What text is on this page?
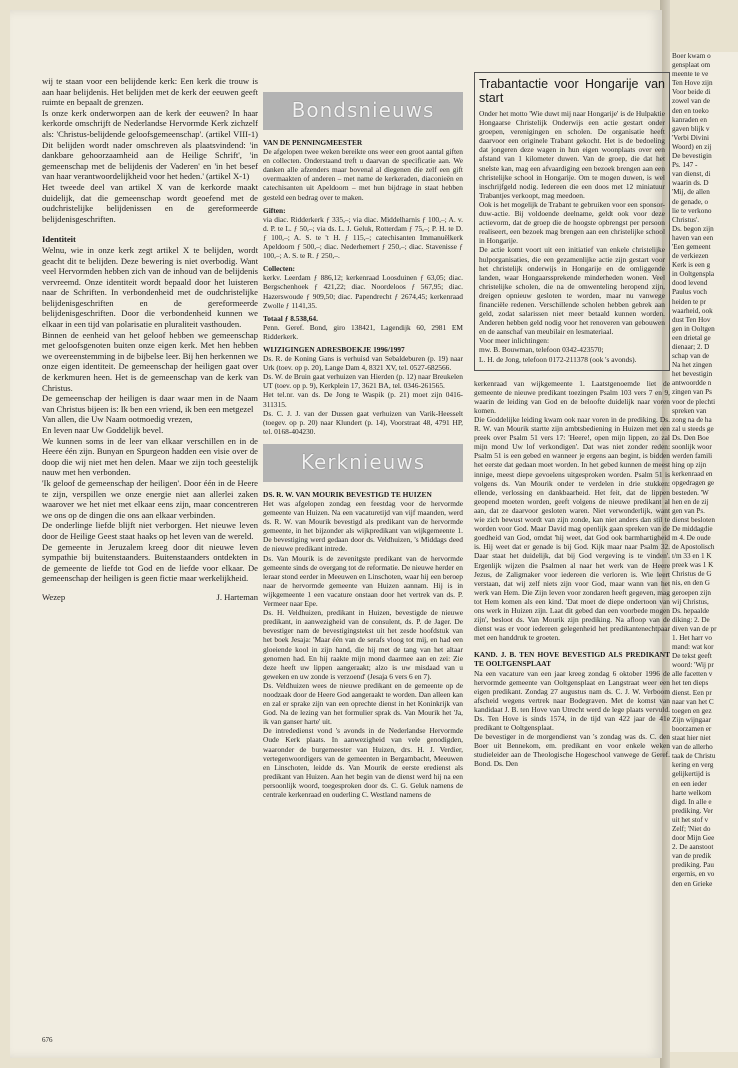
wij te staan voor een belijdende kerk: Een kerk die trouw is aan haar belijdenis. Het belijden met de kerk der eeuwen geeft ruimte en bepaalt de grenzen.

Is onze kerk onderworpen aan de kerk der eeuwen? In haar kerkorde omschrijft de Nederlandse Hervormde Kerk zichzelf als: 'Christus-belijdende geloofsgemeenschap'. (artikel VIII-1) Dit belijden wordt nader omschreven als plaatsvindend: 'in dankbare gehoorzaamheid aan de Heilige Schrift', 'in gemeenschap met de belijdenis der Vaderen' en 'in het besef van haar verantwoordelijkheid voor het heden.' (artikel X-1)

Het tweede deel van artikel X van de kerkorde maakt duidelijk, dat die gemeenschap wordt geoefend met de oudchristelijke belijdenissen en de gereformeerde belijdenisgeschriften.

Identiteit

Welnu, wie in onze kerk zegt artikel X te belijden, wordt geacht dit te belijden. Deze bewering is niet overbodig. Want veel Hervormden hebben zich van de inhoud van de belijdenis vervreemd. Onze identiteit wordt bepaald door het luisteren naar de Schriften. In verbondenheid met de oudchristelijke belijdenisgeschriften en de gereformeerde belijdenisgeschriften. Door die verbondenheid kunnen we elkaar in een tijd van polarisatie en pluraliteit vasthouden.

Binnen de eenheid van het geloof hebben we gemeenschap met geloofsgenoten buiten onze eigen kerk. Met hen hebben we overeenstemming in de bijbelse leer. Bij hen herkennen we onze eigen identiteit. De gemeenschap der heiligen gaat over de kerkmuren heen. Het is de gemeenschap van de kerk van Christus.

De gemeenschap der heiligen is daar waar men in de Naam van Christus bijeen is: Ik ben een vriend, ik ben een metgezel

Van allen, die Uw Naam ootmoedig vrezen,

En leven naar Uw Goddelijk bevel.

We kunnen soms in de leer van elkaar verschillen en in de Heere één zijn. Bunyan en Spurgeon hadden een visie over de doop die wij niet met hen delen. Maar we zijn toch geestelijk nauw met hen verbonden.

'Ik geloof de gemeenschap der heiligen'. Door één in de Heere te zijn, verspillen we onze energie niet aan allerlei zaken waarover we het niet met elkaar eens zijn, maar concentreren we ons op de dingen die ons aan elkaar verbinden.

De onderlinge liefde blijft niet verborgen. Het nieuwe leven door de Heilige Geest staat haaks op het leven van de wereld.

De gemeente in Jeruzalem kreeg door dit nieuwe leven sympathie bij buitenstaanders. Buitenstaanders ontdekten in de gemeente de liefde tot God en de liefde voor elkaar. De gemeenschap der heiligen is geen fictie maar werkelijkheid.

Wezep	J. Harteman
Bondsnieuws

VAN DE PENNINGMEESTER

De afgelopen twee weken bereikte ons weer een groot aantal giften en collecten. Onderstaand treft u daarvan de specificatie aan. We danken alle afzenders maar bovenal al diegenen die zelf een gift overmaakten of anderen – met name de kerkeraden, diaconieën en catechisanten uit Apeldoorn – met hun bijdrage in staat hebben gesteld een bedrag over te maken.

Giften:

via diac. Ridderkerk ƒ 335,–; via diac. Middelharnis ƒ 100,–; A. v. d. P. te L. ƒ 50,–; via ds. L. J. Geluk, Rotterdam ƒ 75,–; P. H. te D. ƒ 100,–; A. S. te 't H. ƒ 115,–; catechisanten Immanuëlkerk Apeldoorn ƒ 500,–; diac. Nederhemert ƒ 250,–; diac. Stavenisse ƒ 100,–; A. S. te R. ƒ 250,–.

Collecten:

kerkv. Leerdam ƒ 886,12; kerkenraad Loosduinen ƒ 63,05; diac. Bergschenhoek ƒ 421,22; diac. Noordeloos ƒ 567,95; diac. Hazerswoude ƒ 909,50; diac. Papendrecht ƒ 2674,45; kerkenraad Zwolle ƒ 1141,35.

Totaal ƒ 8.538,64.

Penn. Geref. Bond, giro 138421, Lagendijk 60, 2981 EM Ridderkerk.

WIJZIGINGEN ADRESBOEKJE 1996/1997

Ds. R. de Koning Gans is verhuisd van Sebaldeburen (p. 19) naar Urk (toev. op p. 20), Lange Dam 4, 8321 XV, tel. 0527-682566.

Ds. W. de Bruin gaat verhuizen van Hierden (p. 12) naar Breukelen UT (toev. op p. 9), Kerkplein 17, 3621 BA, tel. 0346-261565.

Het tel.nr. van ds. De Jong te Waspik (p. 21) moet zijn 0416-311315.

Ds. C. J. J. van der Dussen gaat verhuizen van Varik-Heesselt (toegev. op p. 20) naar Klundert (p. 14), Voorstraat 48, 4791 HP, tel. 0168-404230.

Kerknieuws

DS. R. W. VAN MOURIK BEVESTIGD TE HUIZEN

Het was afgelopen zondag een feestdag voor de hervormde gemeente van Huizen. Na een vacaturetijd van vijf maanden, werd ds. R. W. van Mourik bevestigd als predikant van de hervormde gemeente, in het bijzonder als wijkpredikant van wijkgemeente 1. De bevestiging werd gedaan door ds. Veldhuizen, 's Middags deed de nieuwe predikant intrede.

Ds. Van Mourik is de zevenitgste predikant van de hervormde gemeente sinds de overgang tot de reformatie. De nieuwe herder en leraar stond eerder in Meeuwen en Linschoten, waar hij een beroep naar de hervormde gemeente van Huizen aannam. Hij is in wijkgemeente 1 een vacature onstaan door het vertrek van ds. P. Vermeer naar Epe.

Ds. H. Veldhuizen, predikant in Huizen, bevestigde de nieuwe predikant, in aanwezigheid van de consulent, ds. P. de Jager. De bevestiger nam de bevestigingstekst uit het zesde hoofdstuk van het boek Jesaja: 'Maar één van de serafs vloog tot mij, en had een gloeiende kool in zijn hand, die hij met de tang van het altaar genomen had. En hij raakte mijn mond daarmee aan en zei: Zie deze heeft uw lippen aangeraakt; alzo is uw misdaad van u geweken en uw zonde is verzoend' (Jesaja 6 vers 6 en 7).

Ds. Veldhuizen wees de nieuwe predikant en de gemeente op de noodzaak door de Heere God aangeraakt te worden. Dan alleen kan en zal er sprake zijn van een oprechte dienst in het Koninkrijk van God. Na de lezing van het formulier sprak ds. Van Mourik het 'Ja, ik van ganser harte' uit.

De intrededienst vond 's avonds in de Nederlandse Hervormde Oude Kerk plaats. In aanwezigheid van vele genodigden, waaronder de burgemeester van Huizen, drs. H. J. Verdier, vertegenwoordigers van de gemeenten in Bergambacht, Meeuwen en Linschoten, leidde ds. Van Mourik de eerste eredienst als predikant van Huizen. Aan het begin van de dienst werd hij na een persoonlijk woord, toegesproken door ds. C. G. Geluk namens de centrale kerkenraad en ouderling C. Westland namens de

Trabantactie voor Hongarije van start

Onder het motto 'Wie duwt mij naar Hongarije' is de Hulpaktie Hongaarse Christelijk Onderwijs een actie gestart onder groepen, verenigingen en scholen. De organisatie heeft daarvoor een originele Trabant gekocht. Het is de bedoeling dat jongeren deze wagen in hun eigen woonplaats over een afstand van 1 kilometer duwen. Van de groep, die dat het snelste kan, mag een afvaardiging een bezoek brengen aan een christelijke school in Hongarije. Om te mogen duwen, is wel inschrijfgeld nodig. Iedereen die een doos met 12 miniatuur Trabantjes verkoopt, mag meedoen.

Ook is het mogelijk de Trabant te gebruiken voor een sponsor-duw-actie. Bij voldoende deelname, geldt ook voor deze actievorm, dat de groep die de hoogste opbrengst per persoon realiseert, een bezoek mag brengen aan een christelijke school in Hongarije.

De actie komt voort uit een initiatief van enkele christelijke hulporganisaties, die een gezamenlijke actie zijn gestart voor het christelijk onderwijs in Hongarije en de omliggende landen, waar Hongaarssprekende minderheden wonen. Veel christelijke scholen, die na de omwenteling heropend zijn, dreigen opnieuw gesloten te worden, maar nu vanwege financiële redenen. Verschillende scholen hebben gebrek aan geld, zodat salarissen niet meer betaald kunnen worden. Anderen hebben geld nodig voor het renoveren van gebouwen en de aanschaf van meubilair en lesmateriaal.

Voor meer inlichtingen:

mw. B. Bouwman, telefoon 0342-423570;

L. H. de Jong, telefoon 0172-211378 (ook 's avonds).

kerkenraad van wijkgemeente 1. Laatstgenoemde liet de gemeente de nieuwe predikant toezingen Psalm 103 vers 7 en 9, waarin de leiding van God en de beloofte duidelijk naar voren komen.

Die Goddelijke leiding kwam ook naar voren in de prediking. Ds. R. W. van Mourik startte zijn ambtsbediening in Huizen met een preek over Psalm 51 vers 17: 'Heere!, open mijn lippen, zo zal mijn mond Uw lof verkondigen'. Dat was niet zonder reden: Psalm 51 is een gebed en wanneer je ergens aan begint, is bidden het eerste dat gedaan moet worden. In het gebed kunnen de meest innige, meest diepe gevoelens uitgesproken worden. Psalm 51 is volgens ds. Van Mourik onder te verdelen in drie stukken: ellende, verlossing en dankbaarheid. Het feit, dat de lippen geopend moeten worden, geeft volgens de nieuwe predikant al aan, dat ze daarvoor gesloten waren. Niet verwonderlijk, want wie zich bewust wordt van zijn zonde, kan niet anders dan stil te worden voor God. Maar David mag openlijk gaan spreken van de goedheid van God, omdat 'hij weet, dat God ook barmhartigheid is. Hij weet dat er genade is bij God. Kijk maar naar Psalm 32. Daar staat het duidelijk, dat bij God vergeving is te vinden'. Ergenlijk wijzen die Psalmen al naar het werk van de Heere Jezus, de Zaligmaker voor iedereen die verloren is. Wie leert verstaan, dat wij zelf niets zijn voor God, maar wann van het werk van Hem. Die Zijn leven voor zondaren heeft gegeven, mag tot Hem komen als een kind. 'Dat moet de diepe ondertoon van ons werk in Huizen zijn. Laat dit gebed dan een voorbede mogen zijn', besloot ds. Van Mourik zijn prediking. Na afloop van de dienst was er voor iedereen gelegenheid het predikantenechtpaar met een handdruk te groeten.

KAND. J. B. TEN HOVE BEVESTIGD ALS PREDIKANT TE OOLTGENSPLAAT

Na een vacature van een jaar kreeg zondag 6 oktober 1996 de hervormde gemeente van Ooltgensplaat en Langstraat weer een eigen predikant. Zondag 27 augustus nam ds. C. J. W. Verboom afscheid wegens vertrek naar Bodegraven. Met de komst van kandidaat J. B. ten Hove van Utrecht werd de lege plaats vervuld. Ds. Ten Hove is sinds 1574, in de tijd van 422 jaar de 41e predikant te Ooltgensplaat.

De bevestiger in de morgendienst van 's zondag was ds. C. den Boer uit Bennekom, em. predikant en voor enkele weken studieleider aan de Theologische Hogeschool vanwege de Geref. Bond. Ds. Den

676
Boer kwam o
gensplaat om
meente te ve
Ten Hove zijn
Voor beide di
zowel van de
den en toeko
kanraden en
gaven blijk v
'Verbi Divini
Woord) en zij
De bevestigin
Ps. 147 -
van dienst, di
waarin ds. D
'Mij, de allen
de genade, o
lie te verkono
Christus'.
Ds. begon zijn
haven van een
'Een gemeent
de verkiezen
Kerk is een g
in Ooltgenspla
dood levend
Paulus voch
heiden te pr
waarheid, ook
dust Ten Hov
gen in Ooltgen
een drietal ge
dienaar; 2. D
schap van de
Na het zingen
het bevestigin
antwoordde n
zingen van Ps
voor de plechti
spreken van
zong na de ha
zal u steeds ge
Ds. Den Boe
soonlijk woor
werden famili
hing op zijn
kerkenraad en
opgedragen ge
besteden. 'W
hen en de zij
gen van Ps.
dienst besloten
De middagdie
m 4. De oude
de Apostolisch
t/m 33 en 1 K
preek was 1 K
Christus de G
nis, en den G
geroepen zijn
wij Christus,
Ds. hepaalde
diking: 2. De
diven van de pr
1. Het harr vo
mand: wat kor
De tekst geeft
woord: 'Wij pr
alle facetten v
het ten dieps
dienst. Een pr
naar van het C
toegen en gez
Zijn wijngaar
boorzamen er
staat hier niet
van de allerho
taak de Christu
kering en verg
gelijkertijd is
en een ieder
harte welkom
digd. In alle e
prediking. Ver
uit het stof v
Zelf; 'Niet do
door Mijn Gee
2. De aanstoot
van de predik
prediking. Pau
ergernis, en vo
den en Grieke
